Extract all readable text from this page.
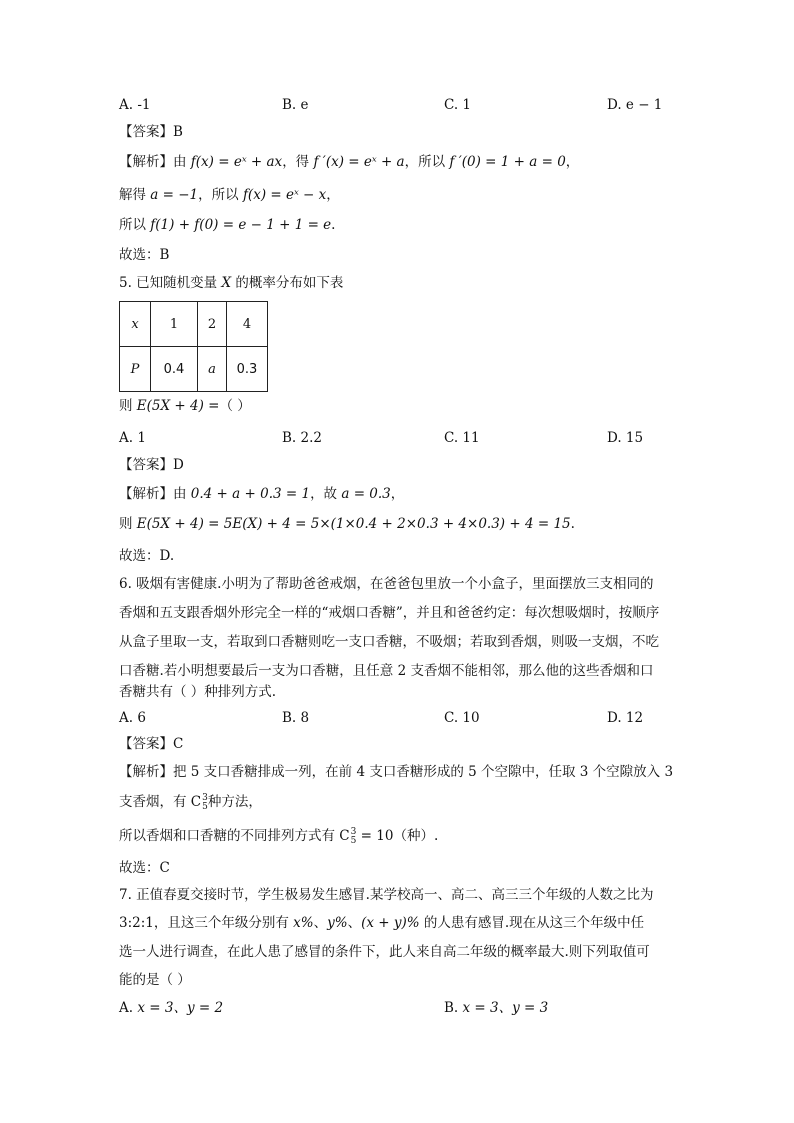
A. -1	B. e	C. 1	D. e − 1
【答案】B
【解析】由 f(x) = eˣ + ax，得 f ′(x) = eˣ + a，所以 f ′(0) = 1 + a = 0，
解得 a = −1，所以 f(x) = eˣ − x，
所以 f(1) + f(0) = e − 1 + 1 = e.
故选：B
5. 已知随机变量 X 的概率分布如下表
x	1	2	4
P	0.4	a	0.3
则 E(5X + 4) =（ ）
A. 1	B. 2.2	C. 11	D. 15
【答案】D
【解析】由 0.4 + a + 0.3 = 1，故 a = 0.3，
则 E(5X + 4) = 5E(X) + 4 = 5×(1×0.4 + 2×0.3 + 4×0.3) + 4 = 15.
故选：D.
6. 吸烟有害健康.小明为了帮助爸爸戒烟，在爸爸包里放一个小盒子，里面摆放三支相同的
香烟和五支跟香烟外形完全一样的“戒烟口香糖”，并且和爸爸约定：每次想吸烟时，按顺序
从盒子里取一支，若取到口香糖则吃一支口香糖，不吸烟；若取到香烟，则吸一支烟，不吃
口香糖.若小明想要最后一支为口香糖，且任意 2 支香烟不能相邻，那么他的这些香烟和口
香糖共有（ ）种排列方式.
A. 6	B. 8	C. 10	D. 12
【答案】C
【解析】把 5 支口香糖排成一列，在前 4 支口香糖形成的 5 个空隙中，任取 3 个空隙放入 3
支香烟，有 C 3
5 种方法，
所以香烟和口香糖的不同排列方式有 C 3
5 = 10（种）.
故选：C
7. 正值春夏交接时节，学生极易发生感冒.某学校高一、高二、高三三个年级的人数之比为
3:2:1，且这三个年级分别有 x%、y%、(x + y)% 的人患有感冒.现在从这三个年级中任
选一人进行调查，在此人患了感冒的条件下，此人来自高二年级的概率最大.则下列取值可
能的是（ ）
A. x = 3、y = 2	B. x = 3、y = 3
